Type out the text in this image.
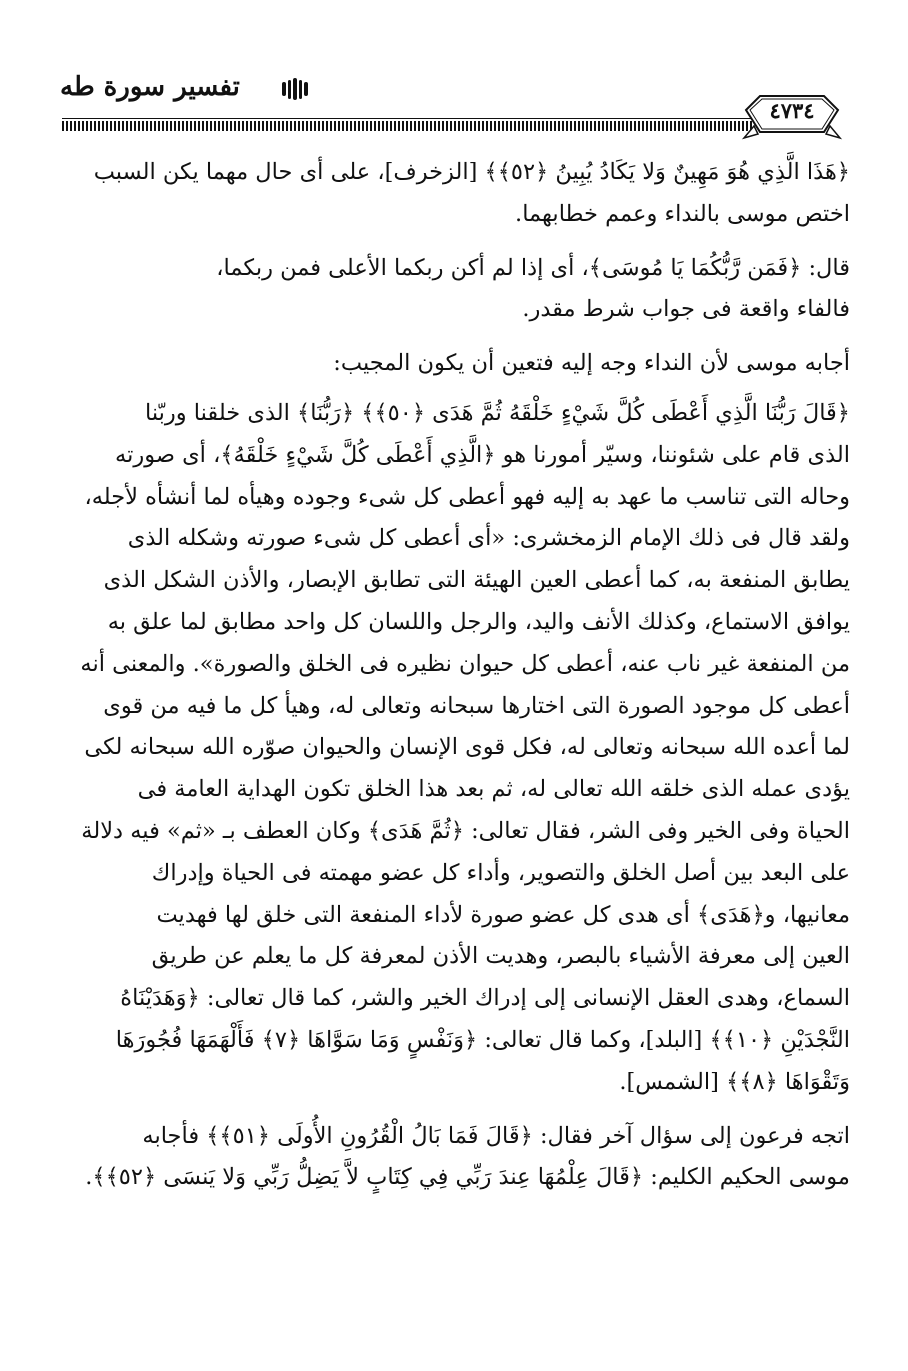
تفسير سورة طه
٤٧٣٤

﴿هَذَا الَّذِي هُوَ مَهِينٌ وَلا يَكَادُ يُبِينُ ﴿٥٢﴾﴾ [الزخرف]، على أى حال مهما يكن السبب

اختص موسى بالنداء وعمم خطابهما.

قال: ﴿فَمَن رَّبُّكُمَا يَا مُوسَى﴾، أى إذا لم أكن ربكما الأعلى فمن ربكما،

فالفاء واقعة فى جواب شرط مقدر.

أجابه موسى لأن النداء وجه إليه فتعين أن يكون المجيب:

﴿قَالَ رَبُّنَا الَّذِي أَعْطَى كُلَّ شَيْءٍ خَلْقَهُ ثُمَّ هَدَى ﴿٥٠﴾﴾ ﴿رَبُّنَا﴾ الذى خلقنا وربّنا

الذى قام على شئوننا، وسيّر أمورنا هو ﴿الَّذِي أَعْطَى كُلَّ شَيْءٍ خَلْقَهُ﴾، أى صورته

وحاله التى تناسب ما عهد به إليه فهو أعطى كل شىء وجوده وهيأه لما أنشأه لأجله،

ولقد قال فى ذلك الإمام الزمخشرى: «أى أعطى كل شىء صورته وشكله الذى

يطابق المنفعة به، كما أعطى العين الهيئة التى تطابق الإبصار، والأذن الشكل الذى

يوافق الاستماع، وكذلك الأنف واليد، والرجل واللسان كل واحد مطابق لما علق به

من المنفعة غير ناب عنه، أعطى كل حيوان نظيره فى الخلق والصورة». والمعنى أنه

أعطى كل موجود الصورة التى اختارها سبحانه وتعالى له، وهيأ كل ما فيه من قوى

لما أعده الله سبحانه وتعالى له، فكل قوى الإنسان والحيوان صوّره الله سبحانه لكى

يؤدى عمله الذى خلقه الله تعالى له، ثم بعد هذا الخلق تكون الهداية العامة فى

الحياة وفى الخير وفى الشر، فقال تعالى: ﴿ثُمَّ هَدَى﴾ وكان العطف بـ «ثم» فيه دلالة

على البعد بين أصل الخلق والتصوير، وأداء كل عضو مهمته فى الحياة وإدراك

معانيها، و﴿هَدَى﴾ أى هدى كل عضو صورة لأداء المنفعة التى خلق لها فهديت

العين إلى معرفة الأشياء بالبصر، وهديت الأذن لمعرفة كل ما يعلم عن طريق

السماع، وهدى العقل الإنسانى إلى إدراك الخير والشر، كما قال تعالى: ﴿وَهَدَيْنَاهُ

النَّجْدَيْنِ ﴿١٠﴾﴾ [البلد]، وكما قال تعالى: ﴿وَنَفْسٍ وَمَا سَوَّاهَا ﴿٧﴾ فَأَلْهَمَهَا فُجُورَهَا

وَتَقْوَاهَا ﴿٨﴾﴾ [الشمس].

اتجه فرعون إلى سؤال آخر فقال: ﴿قَالَ فَمَا بَالُ الْقُرُونِ الأُولَى ﴿٥١﴾﴾ فأجابه

موسى الحكيم الكليم: ﴿قَالَ عِلْمُهَا عِندَ رَبِّي فِي كِتَابٍ لاَّ يَضِلُّ رَبِّي وَلا يَنسَى ﴿٥٢﴾﴾.
